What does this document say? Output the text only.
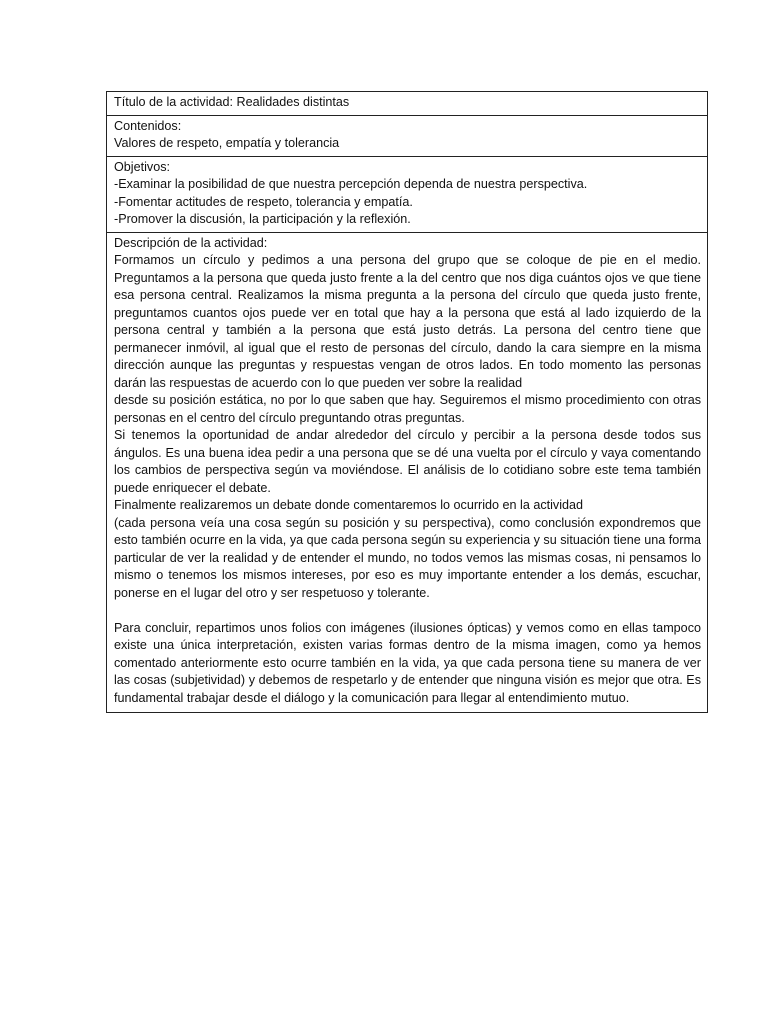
Título de la actividad: Realidades distintas
Contenidos:
Valores de respeto, empatía y tolerancia
Objetivos:
-Examinar la posibilidad de que nuestra percepción dependa de nuestra perspectiva.
-Fomentar actitudes de respeto, tolerancia y empatía.
-Promover la discusión, la participación y la reflexión.
Descripción de la actividad:
Formamos un círculo y pedimos a una persona del grupo que se coloque de pie en el medio. Preguntamos a la persona que queda justo frente a la del centro que nos diga cuántos ojos ve que tiene esa persona central. Realizamos la misma pregunta a la persona del círculo que queda justo frente, preguntamos cuantos ojos puede ver en total que hay a la persona que está al lado izquierdo de la persona central y también a la persona que está justo detrás. La persona del centro tiene que permanecer inmóvil, al igual que el resto de personas del círculo, dando la cara siempre en la misma dirección aunque las preguntas y respuestas vengan de otros lados. En todo momento las personas darán las respuestas de acuerdo con lo que pueden ver sobre la realidad
desde su posición estática, no por lo que saben que hay. Seguiremos el mismo procedimiento con otras personas en el centro del círculo preguntando otras preguntas.
Si tenemos la oportunidad de andar alrededor del círculo y percibir a la persona desde todos sus ángulos. Es una buena idea pedir a una persona que se dé una vuelta por el círculo y vaya comentando los cambios de perspectiva según va moviéndose. El análisis de lo cotidiano sobre este tema también puede enriquecer el debate.
Finalmente realizaremos un debate donde comentaremos lo ocurrido en la actividad
(cada persona veía una cosa según su posición y su perspectiva), como conclusión expondremos que esto también ocurre en la vida, ya que cada persona según su experiencia y su situación tiene una forma particular de ver la realidad y de entender el mundo, no todos vemos las mismas cosas, ni pensamos lo mismo o tenemos los mismos intereses, por eso es muy importante entender a los demás, escuchar, ponerse en el lugar del otro y ser respetuoso y tolerante.
Para concluir, repartimos unos folios con imágenes (ilusiones ópticas) y vemos como en ellas tampoco existe una única interpretación, existen varias formas dentro de la misma imagen, como ya hemos comentado anteriormente esto ocurre también en la vida, ya que cada persona tiene su manera de ver las cosas (subjetividad) y debemos de respetarlo y de entender que ninguna visión es mejor que otra. Es fundamental trabajar desde el diálogo y la comunicación para llegar al entendimiento mutuo.
